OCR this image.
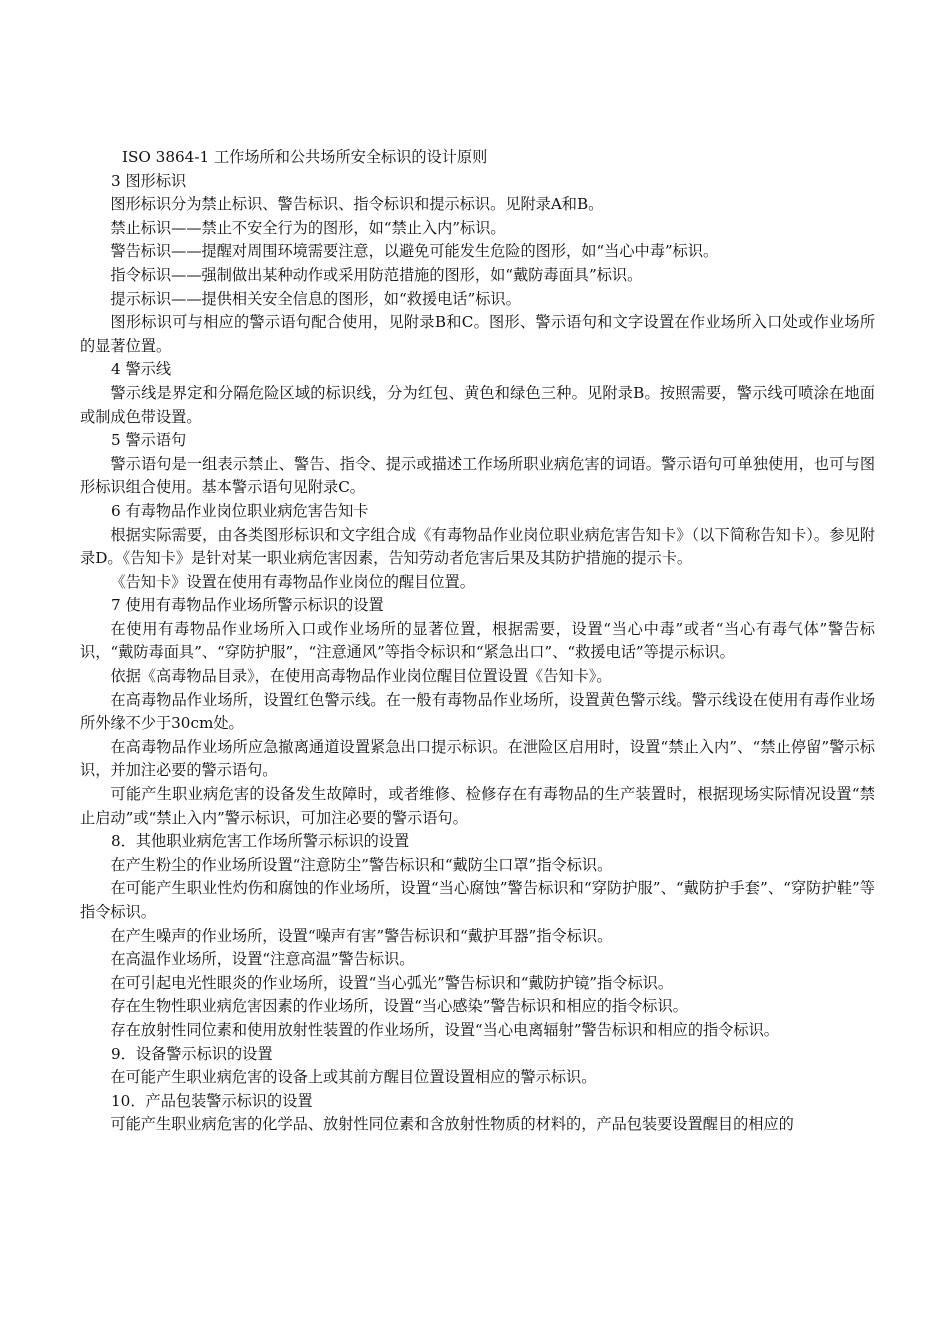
ISO 3864-1 工作场所和公共场所安全标识的设计原则

3 图形标识

图形标识分为禁止标识、警告标识、指令标识和提示标识。见附录A和B。

禁止标识——禁止不安全行为的图形，如“禁止入内”标识。

警告标识——提醒对周围环境需要注意，以避免可能发生危险的图形，如“当心中毒”标识。

指令标识——强制做出某种动作或采用防范措施的图形，如“戴防毒面具”标识。

提示标识——提供相关安全信息的图形，如“救援电话”标识。

图形标识可与相应的警示语句配合使用，见附录B和C。图形、警示语句和文字设置在作业场所入口处或作业场所的显著位置。

4 警示线

警示线是界定和分隔危险区域的标识线，分为红包、黄色和绿色三种。见附录B。按照需要，警示线可喷涂在地面或制成色带设置。

5 警示语句

警示语句是一组表示禁止、警告、指令、提示或描述工作场所职业病危害的词语。警示语句可单独使用，也可与图形标识组合使用。基本警示语句见附录C。

6 有毒物品作业岗位职业病危害告知卡

根据实际需要，由各类图形标识和文字组合成《有毒物品作业岗位职业病危害告知卡》（以下简称告知卡）。参见附录D。《告知卡》是针对某一职业病危害因素，告知劳动者危害后果及其防护措施的提示卡。

《告知卡》设置在使用有毒物品作业岗位的醒目位置。

7 使用有毒物品作业场所警示标识的设置

在使用有毒物品作业场所入口或作业场所的显著位置，根据需要，设置“当心中毒”或者“当心有毒气体”警告标识，“戴防毒面具”、“穿防护服”，“注意通风”等指令标识和“紧急出口”、“救援电话”等提示标识。

依据《高毒物品目录》，在使用高毒物品作业岗位醒目位置设置《告知卡》。

在高毒物品作业场所，设置红色警示线。在一般有毒物品作业场所，设置黄色警示线。警示线设在使用有毒作业场所外缘不少于30cm处。

在高毒物品作业场所应急撤离通道设置紧急出口提示标识。在泄险区启用时，设置“禁止入内”、“禁止停留”警示标识，并加注必要的警示语句。

可能产生职业病危害的设备发生故障时，或者维修、检修存在有毒物品的生产装置时，根据现场实际情况设置“禁止启动”或“禁止入内”警示标识，可加注必要的警示语句。

8．其他职业病危害工作场所警示标识的设置

在产生粉尘的作业场所设置“注意防尘”警告标识和“戴防尘口罩”指令标识。

在可能产生职业性灼伤和腐蚀的作业场所，设置“当心腐蚀”警告标识和“穿防护服”、“戴防护手套”、“穿防护鞋”等指令标识。

在产生噪声的作业场所，设置“噪声有害”警告标识和“戴护耳器”指令标识。

在高温作业场所，设置“注意高温”警告标识。

在可引起电光性眼炎的作业场所，设置“当心弧光”警告标识和“戴防护镜”指令标识。

存在生物性职业病危害因素的作业场所，设置“当心感染”警告标识和相应的指令标识。

存在放射性同位素和使用放射性装置的作业场所，设置“当心电离辐射”警告标识和相应的指令标识。

9．设备警示标识的设置

在可能产生职业病危害的设备上或其前方醒目位置设置相应的警示标识。

10．产品包装警示标识的设置

可能产生职业病危害的化学品、放射性同位素和含放射性物质的材料的，产品包装要设置醒目的相应的
